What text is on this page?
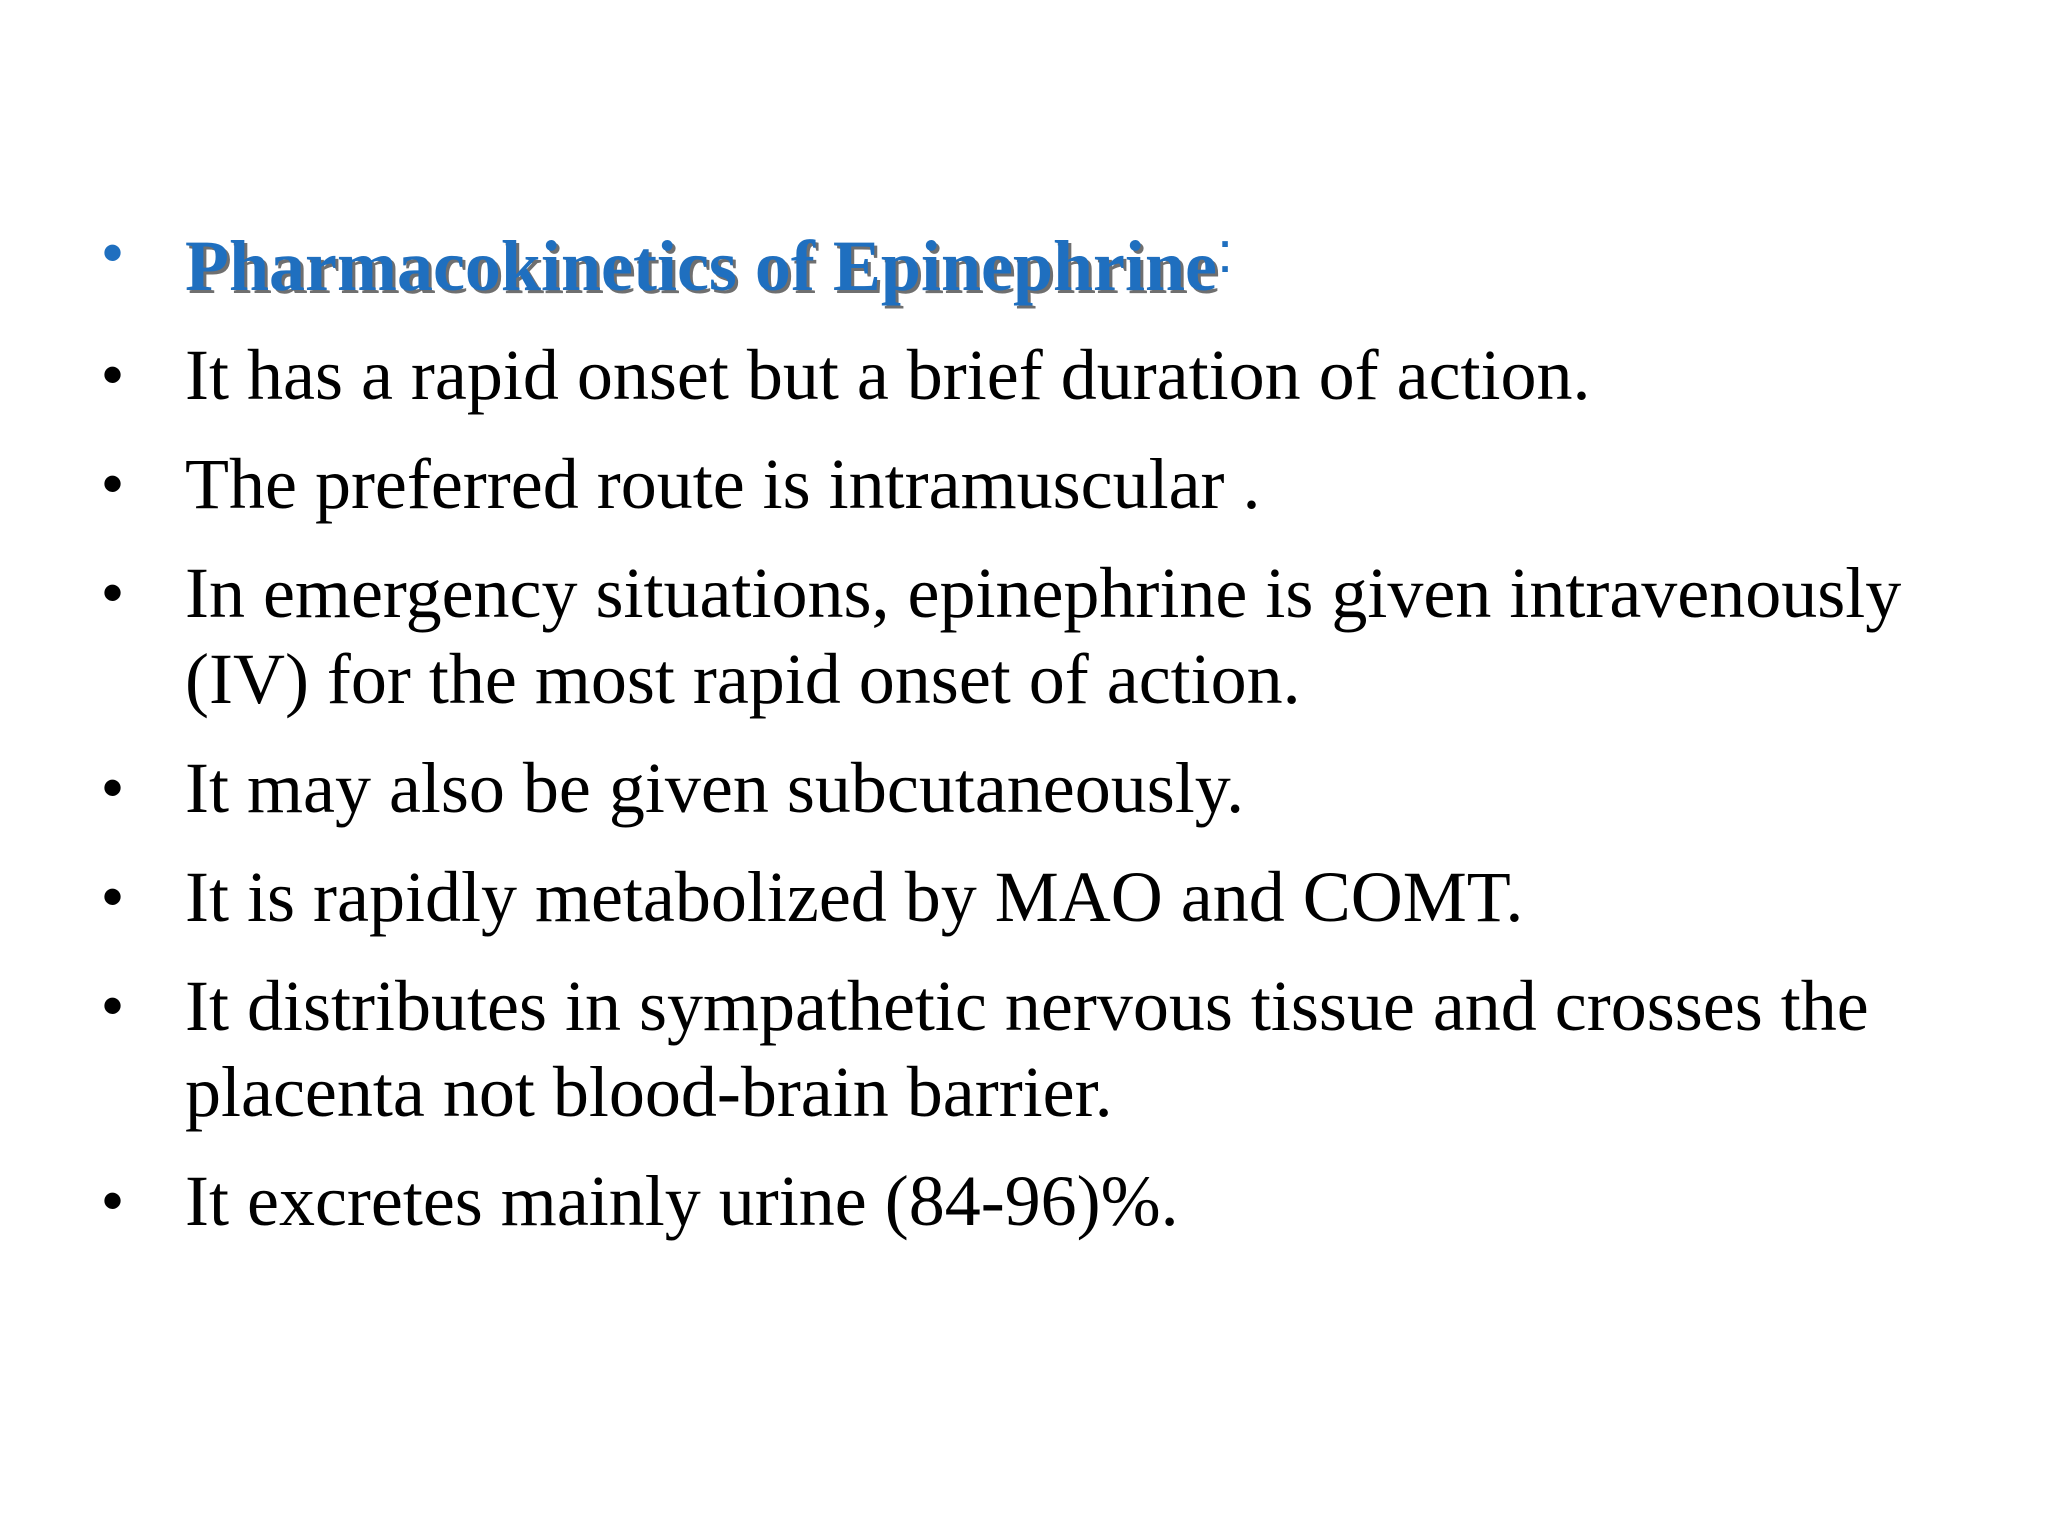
• Pharmacokinetics of Epinephrine:
• It has a rapid onset but a brief duration of action.
• The preferred route is intramuscular .
• In emergency situations, epinephrine is given intravenously (IV) for the most rapid onset of action.
• It may also be given subcutaneously.
• It is rapidly metabolized by MAO and COMT.
• It distributes in sympathetic nervous tissue and crosses the placenta not blood-brain barrier.
• It excretes mainly urine (84-96)%.
